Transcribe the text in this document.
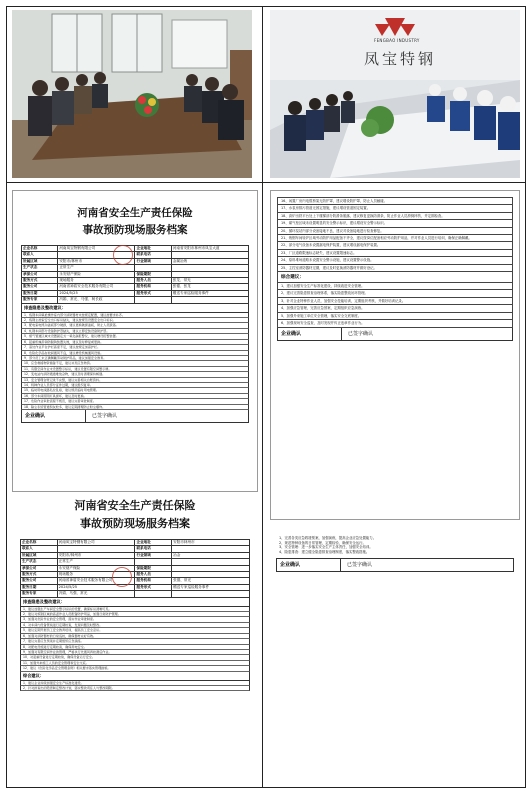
FENGBAO INDUSTRY
凤宝特钢
河南省安全生产责任保险
事故预防现场服务档案
企业名称	河南凤宝特钢有限公司	企业地址	河南省安阳市林州市凤宝大道
联系人		联系电话	
所属区域	安阳市/林州市	行业领域	金属冶炼
生产状态	正常生产		
承保公司	永安财产保险	保险期限	
服务方式	现场服务	服务人员	张龙、常光
服务公司	河南省神盾安全技术服务有限公司	服务机构	张德、张龙
服务日期	2024/5/25	服务形式	赠送专家巡检服务事件
服务专家	冯娟、常光、马强、柯长政		
排查隐患及整改建议：
1、炼钢车间氧枪操作室内部分消防器材未按规定配置，建议按要求补齐。
2、炼钢主控室安全出口标识缺失，建议按规范设置安全出口标识。
3、配电室电缆沟盖板部分破损，建议更换破损盖板，防止人员跌落。
4、轧钢车间部分设备防护罩缺失，建议立即安装设备防护罩。
5、煤气管道区域未设置固定式一氧化碳报警仪，建议增设报警装置。
6、起重机械吊钩防脱钩装置失效，建议及时修复或更换。
7、高处作业平台护栏高度不足，建议按规定加高护栏。
8、危险化学品存放间通风不良，建议增设机械通风设施。
9、部分员工未正确佩戴劳动防护用品，建议加强安全教育。
10、应急救援物资储备不足，建议补充应急物资。
11、有限空间作业未设置警示标识，建议设置有限空间警示牌。
12、变电站内消防通道堆放杂物，建议及时清理保持畅通。
13、安全管理台账记录不完整，建议完善相关台账资料。
14、特种作业人员部分证件过期，建议组织复审。
15、临时用电线路私拉乱接，建议规范临时用电管理。
16、部分车间照明灯具损坏，建议及时更换。
17、危险作业审批流程不规范，建议完善审批制度。
18、除尘系统管道积灰较多，建议定期清理防止粉尘爆炸。
企业确认	已签字确认
河南省安全生产责任保险
事故预防现场服务档案
企业名称	河南凤宝特钢有限公司	企业地址	安阳市林州市
联系人		联系电话	
所属区域	安阳市/林州市	行业领域	冶金
生产状态	正常生产		
承保公司	永安财产保险	保险期限	
服务方式	现场服务	服务人员	
服务公司	河南省神盾安全技术服务有限公司	服务机构	张德、常光
服务日期	2024/5/25	服务形式	赠送专家巡检服务事件
服务专家	冯娟、马强、常光		
排查隐患及整改建议：
1、建议加强生产车间安全警示标识的设置，确保标识清晰可见。
2、建议对炼钢区域的高温作业人员配备防护用品，加强日常防护管理。
3、加强对危险作业的安全管理，落实作业审批制度。
4、对车间内设备管线进行定期检查，发现问题及时整改。
5、建议定期开展员工安全教育培训，提高员工安全意识。
6、加强对消防器材的日常巡检，确保器材完好有效。
7、建议完善应急预案并定期组织应急演练。
8、对配电设施进行定期检查，确保用电安全。
9、加强对有限空间作业的管理，严格执行先通风再检测后作业。
10、对起重设备进行定期检验，确保设备运行安全。
11、加强外来施工人员的安全管理和安全交底。
12、建议《危险化学品安全管理条例》相关要求落实管理措施。
综合建议：
1、建议企业持续加强安全生产标准化建设。
2、针对排查出的隐患制定整改计划，落实整改责任人与整改期限。
16、闲置厂房内电缆桥架无防护罩，建议增设防护罩，防止人员触碰。
17、水泵房排污管道无固定措施，建议增设管道固定装置。
18、高炉出铁平台处上下楼梯部分防滑条脱落，建议修复更换防滑条，防止作业人员滑倒摔伤，并定期检查。
19、煤气柜区域未设置明显的安全警示标识，建议增设安全警示标识。
20、循环泵站内部分设备接地不良，建议对设备接地进行检查修复。
21、炼钢车间转炉区域劳动防护用品配备不齐全，建议按岗位配备相应劳动防护用品，并对作业人员进行培训，确保正确佩戴。
22、部分电气设备未设置漏电保护装置，建议增设漏电保护装置。
23、厂区道路限速标志缺失，建议设置限速标志。
24、原料堆场道路未设置安全警示设施，建议设置警示设施。
25、主控室消防器材过期，建议及时更换消防器材并做好登记。
综合建议：
1、建议加强安全生产标准化建设，持续改进安全管理。
2、建议完善隐患排查治理体系，落实隐患整改闭环管理。
3、针对企业特种作业人员，加强安全技能培训，定期组织考核，并做好培训记录。
4、加强应急管理，完善应急预案，定期组织应急演练。
5、加强外来施工单位安全管理，落实安全交底制度。
6、加强现场安全巡查，及时发现并纠正违章作业行为。
企业确认	已签字确认
1、完善各类应急救援预案，加强演练，提高企业应急处置能力。
2、规范特种设备的日常管理，定期检验，确保安全运行。
3、安全管理：进一步落实安全生产主体责任，加强安全培训。
4、隐患排查：建立健全隐患排查治理制度，落实整改措施。
企业确认	已签字确认
